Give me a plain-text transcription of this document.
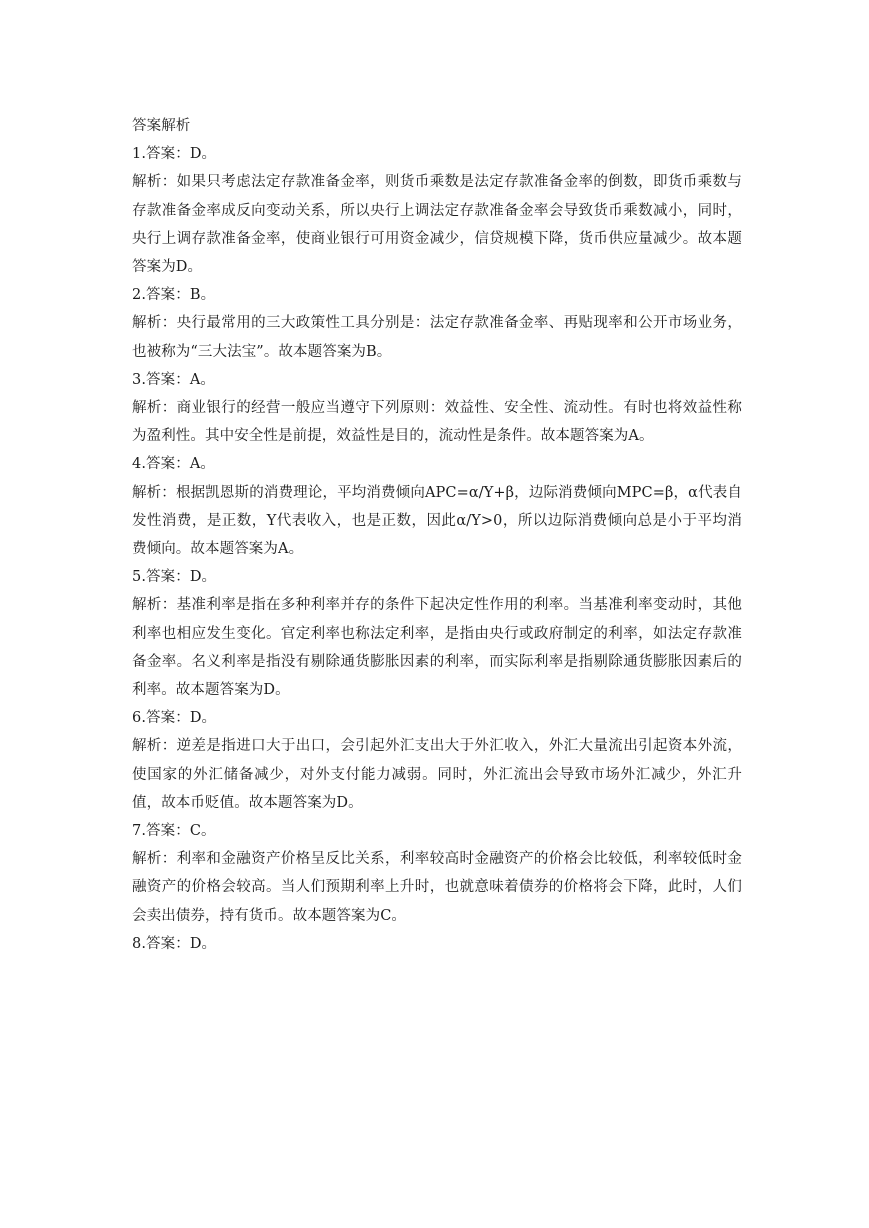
答案解析

1.答案：D。

解析：如果只考虑法定存款准备金率，则货币乘数是法定存款准备金率的倒数，即货币乘数与存款准备金率成反向变动关系，所以央行上调法定存款准备金率会导致货币乘数减小，同时，央行上调存款准备金率，使商业银行可用资金减少，信贷规模下降，货币供应量减少。故本题答案为D。

2.答案：B。

解析：央行最常用的三大政策性工具分别是：法定存款准备金率、再贴现率和公开市场业务，也被称为“三大法宝”。故本题答案为B。

3.答案：A。

解析：商业银行的经营一般应当遵守下列原则：效益性、安全性、流动性。有时也将效益性称为盈利性。其中安全性是前提，效益性是目的，流动性是条件。故本题答案为A。

4.答案：A。

解析：根据凯恩斯的消费理论，平均消费倾向APC=α/Y+β，边际消费倾向MPC=β，α代表自发性消费，是正数，Y代表收入，也是正数，因此α/Y>0，所以边际消费倾向总是小于平均消费倾向。故本题答案为A。

5.答案：D。

解析：基准利率是指在多种利率并存的条件下起决定性作用的利率。当基准利率变动时，其他利率也相应发生变化。官定利率也称法定利率，是指由央行或政府制定的利率，如法定存款准备金率。名义利率是指没有剔除通货膨胀因素的利率，而实际利率是指剔除通货膨胀因素后的利率。故本题答案为D。

6.答案：D。

解析：逆差是指进口大于出口，会引起外汇支出大于外汇收入，外汇大量流出引起资本外流，使国家的外汇储备减少，对外支付能力减弱。同时，外汇流出会导致市场外汇减少，外汇升值，故本币贬值。故本题答案为D。

7.答案：C。

解析：利率和金融资产价格呈反比关系，利率较高时金融资产的价格会比较低，利率较低时金融资产的价格会较高。当人们预期利率上升时，也就意味着债券的价格将会下降，此时，人们会卖出债券，持有货币。故本题答案为C。

8.答案：D。
